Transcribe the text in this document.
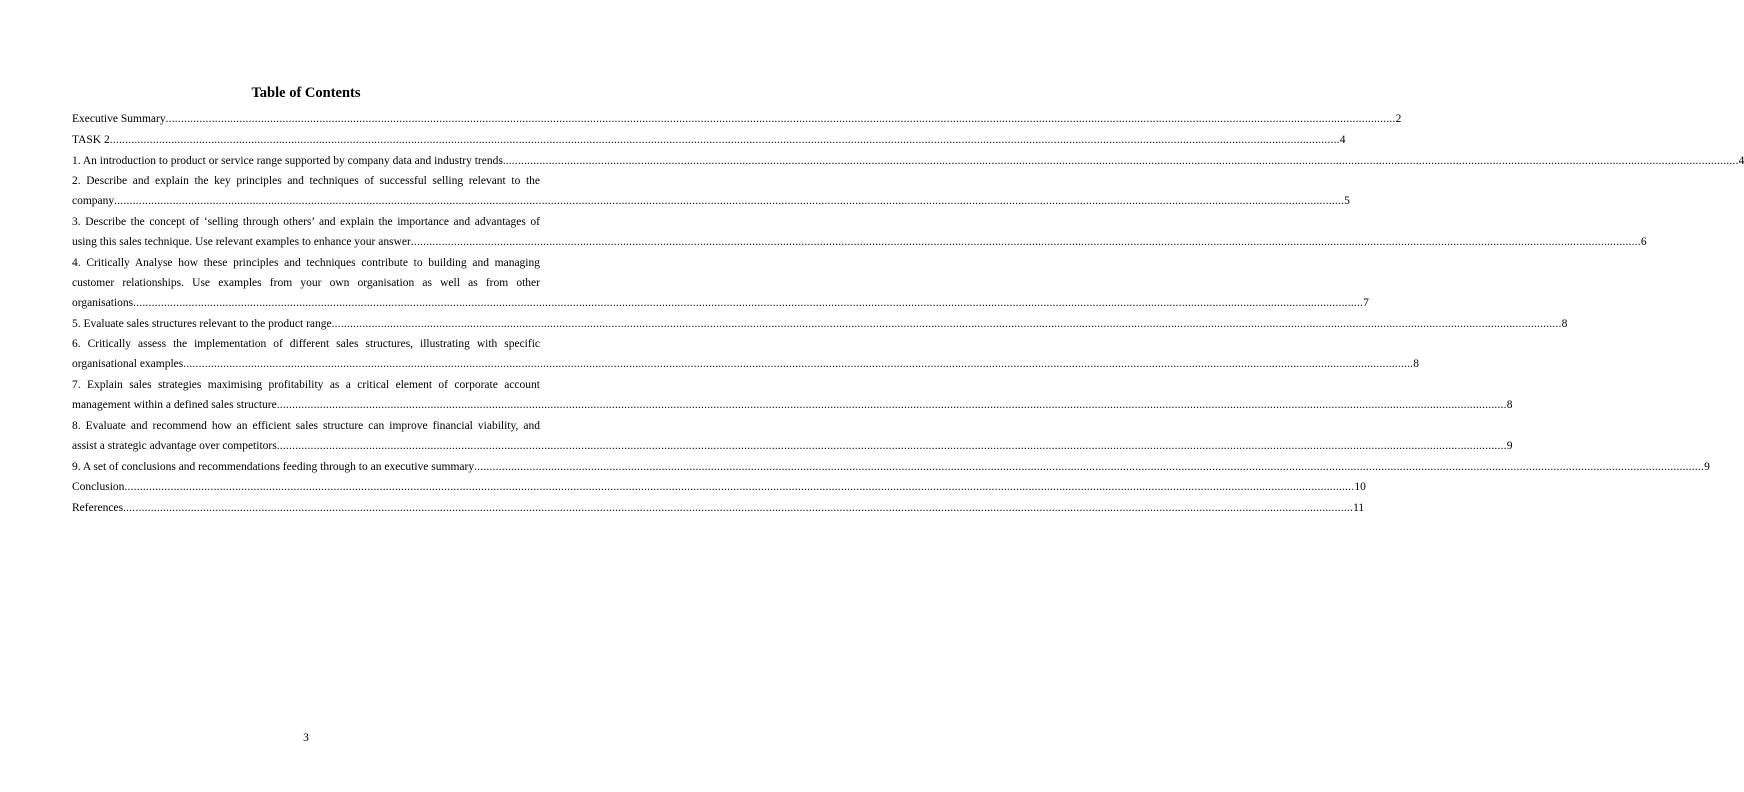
Table of Contents
Executive Summary ................................................................................................................................................................................................................................................................................................................................................................................................................ 2
TASK 2 ................................................................................................................................................................................................................................................................................................................................................................................................................ 4
1. An introduction to product or service range supported by company data and industry trends.. ................................................................................................................................................................................................................................................................................................................................................................................................................ 4
2. Describe and explain the key principles and techniques of successful selling relevant to the
company ................................................................................................................................................................................................................................................................................................................................................................................................................ 5
3. Describe the concept of ‘selling through others’ and explain the importance and advantages of
using this sales technique. Use relevant examples to enhance your answer ................................................................................................................................................................................................................................................................................................................................................................................................................ 6
4. Critically Analyse how these principles and techniques contribute to building and managing
customer relationships. Use examples from your own organisation as well as from other
organisations ................................................................................................................................................................................................................................................................................................................................................................................................................ 7
5. Evaluate sales structures relevant to the product range ................................................................................................................................................................................................................................................................................................................................................................................................................ 8
6. Critically assess the implementation of different sales structures, illustrating with specific
organisational examples ................................................................................................................................................................................................................................................................................................................................................................................................................ 8
7. Explain sales strategies maximising profitability as a critical element of corporate account
management within a defined sales structure ................................................................................................................................................................................................................................................................................................................................................................................................................ 8
8. Evaluate and recommend how an efficient sales structure can improve financial viability, and
assist a strategic advantage over competitors ................................................................................................................................................................................................................................................................................................................................................................................................................ 9
9. A set of conclusions and recommendations feeding through to an executive summary ................................................................................................................................................................................................................................................................................................................................................................................................................ 9
Conclusion ................................................................................................................................................................................................................................................................................................................................................................................................................ 10
References ................................................................................................................................................................................................................................................................................................................................................................................................................ 11
3
